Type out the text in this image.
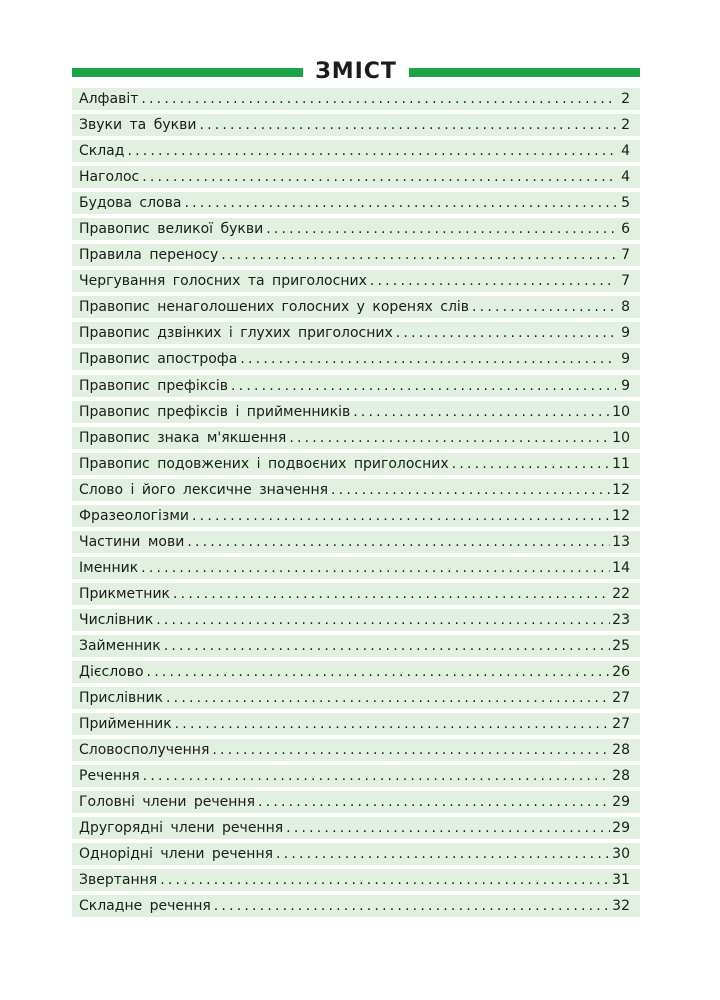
ЗМІСТ
Алфавіт .....	2
Звуки та букви .....	2
Склад .....	4
Наголос .....	4
Будова слова .....	5
Правопис великої букви .....	6
Правила переносу .....	7
Чергування голосних та приголосних .....	7
Правопис ненаголошених голосних у коренях слів .....	8
Правопис дзвінких і глухих приголосних .....	9
Правопис апострофа .....	9
Правопис префіксів .....	9
Правопис префіксів і прийменників .....	10
Правопис знака м'якшення .....	10
Правопис подовжених і подвоєних приголосних .....	11
Слово і його лексичне значення .....	12
Фразеологізми .....	12
Частини мови .....	13
Іменник .....	14
Прикметник .....	22
Числівник .....	23
Займенник .....	25
Дієслово .....	26
Прислівник .....	27
Прийменник .....	27
Словосполучення .....	28
Речення .....	28
Головні члени речення .....	29
Другорядні члени речення .....	29
Однорідні члени речення .....	30
Звертання .....	31
Складне речення .....	32
